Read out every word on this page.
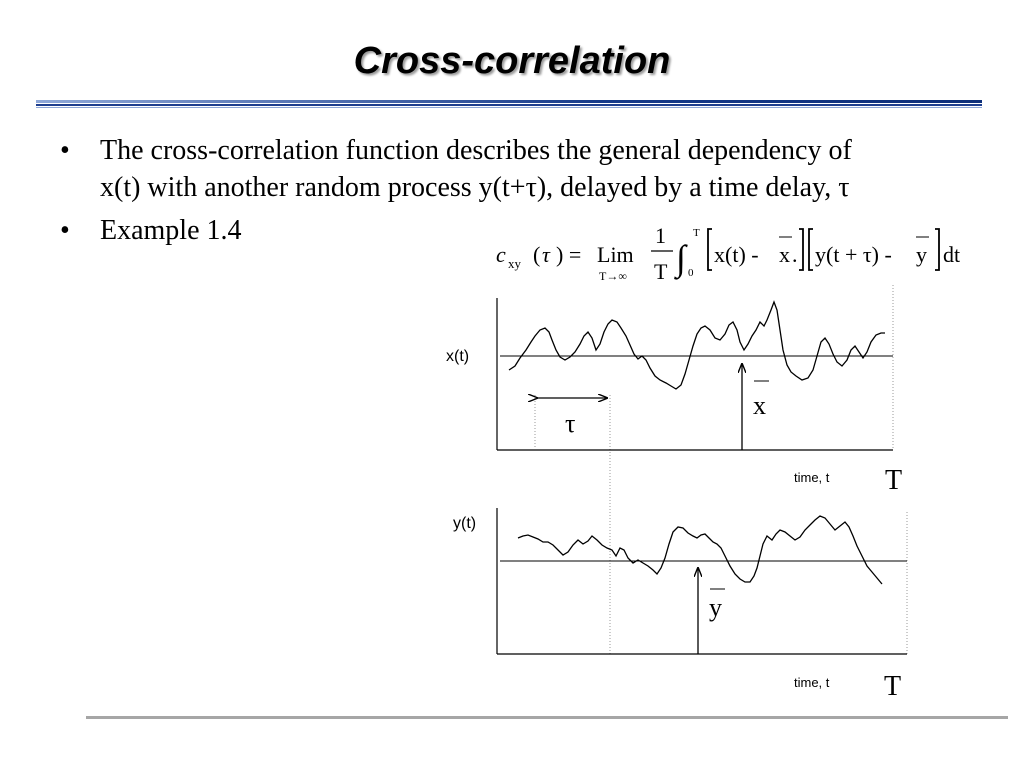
Cross-correlation
• The cross-correlation function describes the general dependency of x(t) with another random process y(t+τ), delayed by a time delay, τ
• Example 1.4
c xy ( τ ) = Lim
T→∞
1
T ∫
T
0
x(t) - x . y(t + τ) - y dt
τ
x
x(t)
time, t T
y
y(t)
time, t T
